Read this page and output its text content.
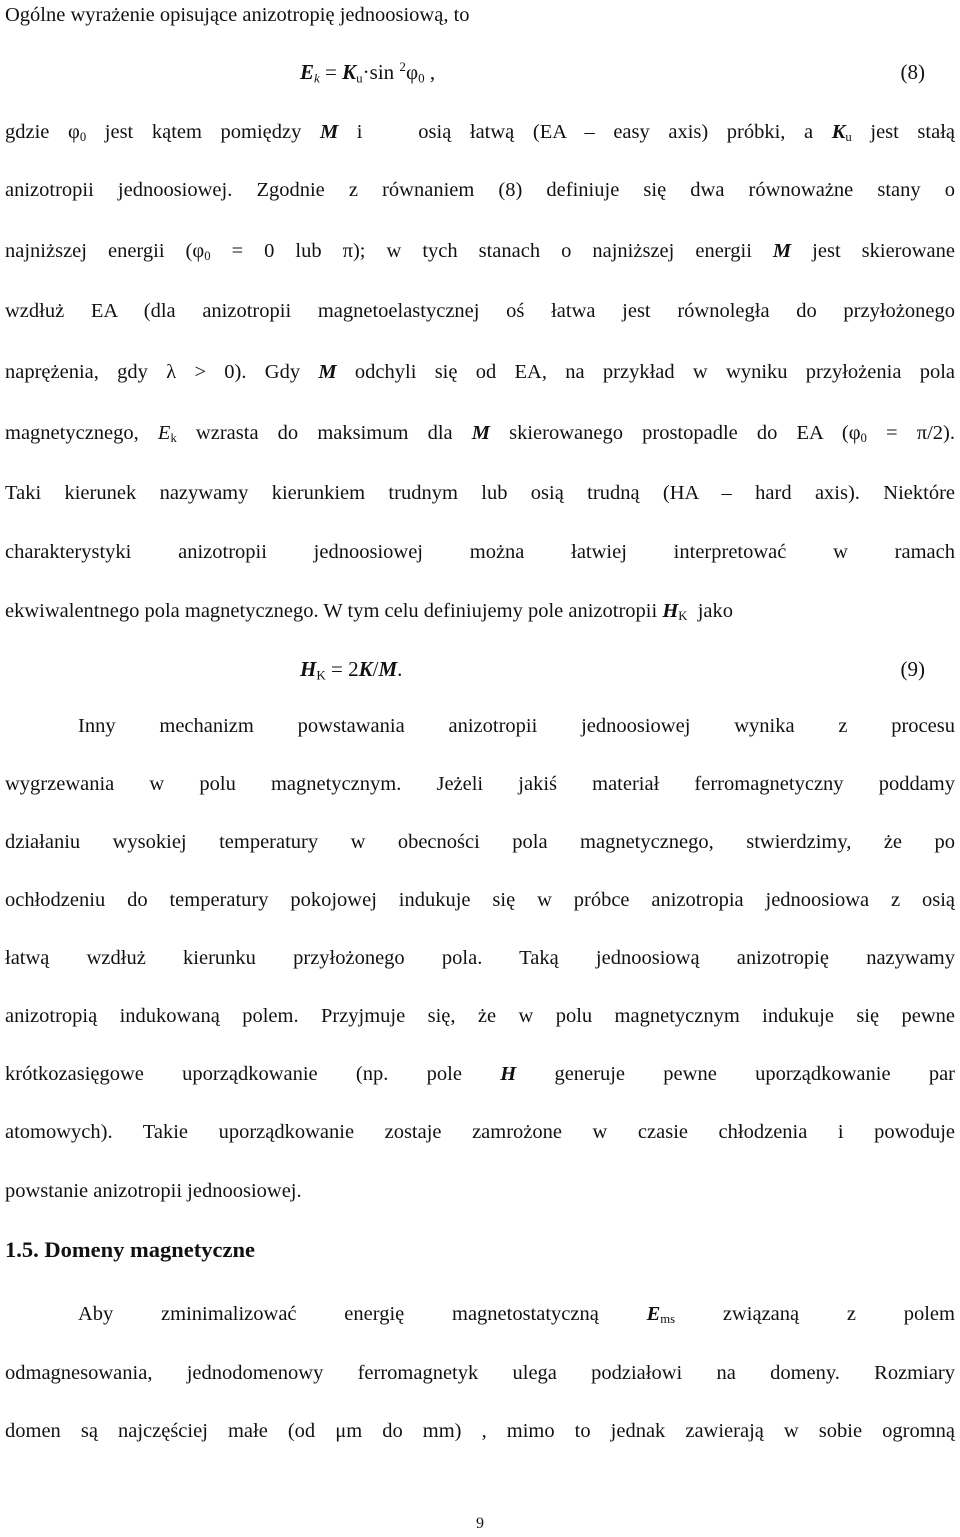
Ogólne wyrażenie opisujące anizotropię jednoosiową, to

$E_k = K_u\cdot\sin$ $^2\varphi_0$ ,	(8)

gdzie $\varphi_0$ jest kątem pomiędzy M i   osią łatwą (EA – easy axis) próbki, a $K_u$ jest stałą

anizotropii jednoosiowej. Zgodnie z równaniem (8) definiuje się dwa równoważne stany o

najniższej energii ($\varphi_0 = 0$ lub π); w tych stanach o najniższej energii M jest skierowane

wzdłuż EA (dla anizotropii magnetoelastycznej oś łatwa jest równoległa do przyłożonego

naprężenia, gdy λ > 0). Gdy M odchyli się od EA, na przykład w wyniku przyłożenia pola

magnetycznego, $E_k$ wzrasta do maksimum dla M skierowanego prostopadle do EA $(\varphi_0 = \pi/2)$.

Taki kierunek nazywamy kierunkiem trudnym lub osią trudną (HA – hard axis). Niektóre

charakterystyki anizotropii jednoosiowej można łatwiej interpretować w ramach

ekwiwalentnego pola magnetycznego. W tym celu definiujemy pole anizotropii $H_K$  jako

$H_K = 2K/M$.	(9)

Inny mechanizm powstawania anizotropii jednoosiowej wynika z procesu

wygrzewania w polu magnetycznym. Jeżeli jakiś materiał ferromagnetyczny poddamy

działaniu wysokiej temperatury w obecności pola magnetycznego, stwierdzimy, że po

ochłodzeniu do temperatury pokojowej indukuje się w próbce anizotropia jednoosiowa z osią

łatwą wzdłuż kierunku przyłożonego pola. Taką jednoosiową anizotropię nazywamy

anizotropią indukowaną polem. Przyjmuje się, że w polu magnetycznym indukuje się pewne

krótkozasięgowe uporządkowanie (np. pole H generuje pewne uporządkowanie par

atomowych). Takie uporządkowanie zostaje zamrożone w czasie chłodzenia i powoduje

powstanie anizotropii jednoosiowej.

1.5. Domeny magnetyczne

Aby zminimalizować energię magnetostatyczną $E_{ms}$ związaną z polem

odmagnesowania, jednodomenowy ferromagnetyk ulega podziałowi na domeny. Rozmiary

domen są najczęściej małe (od μm do mm) , mimo to jednak zawierają w sobie ogromną

9
